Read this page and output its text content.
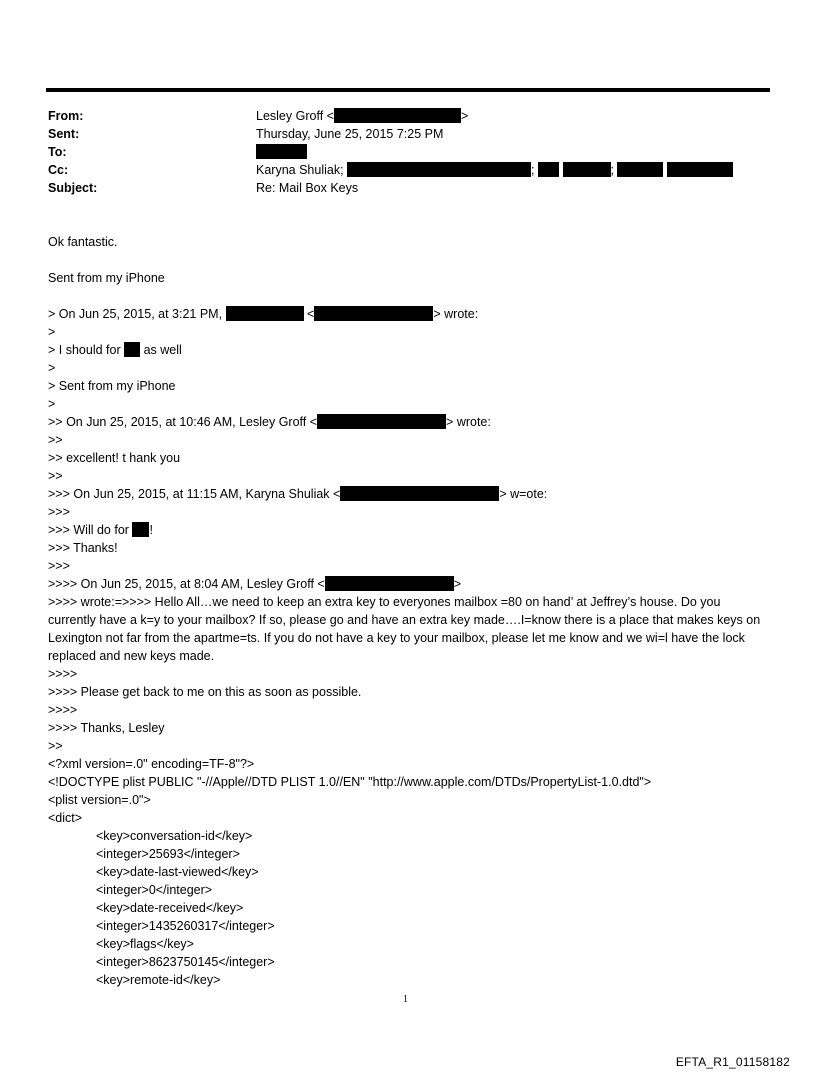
From:	Lesley Groff <	>
Sent:	Thursday, June 25, 2015 7:25 PM
To:
Cc:	Karyna Shuliak;	;	;
Subject:	Re: Mail Box Keys
Ok fantastic.
Sent from my iPhone
> On Jun 25, 2015, at 3:21 PM,	<	> wrote:
>
> I should for as well
>
> Sent from my iPhone
>
>> On Jun 25, 2015, at 10:46 AM, Lesley Groff <	> wrote:
>>
>> excellent! t hank you
>>
>>> On Jun 25, 2015, at 11:15 AM, Karyna Shuliak <	> w=ote:
>>>
>>> Will do for !
>>> Thanks!
>>>
>>>> On Jun 25, 2015, at 8:04 AM, Lesley Groff <	>
>>>> wrote:=>>>> Hello All…we need to keep an extra key to everyones mailbox =80 on hand’ at Jeffrey’s house. Do you currently have a k=y to your mailbox? If so, please go and have an extra key made….I=know there is a place that makes keys on Lexington not far from the apartme=ts. If you do not have a key to your mailbox, please let me know and we wi=l have the lock replaced and new keys made.
>>>>
>>>> Please get back to me on this as soon as possible.
>>>>
>>>> Thanks, Lesley
>>
<?xml version=.0" encoding=TF-8"?>
<!DOCTYPE plist PUBLIC "-//Apple//DTD PLIST 1.0//EN" "http://www.apple.com/DTDs/PropertyList-1.0.dtd">
<plist version=.0">
<dict>
<key>conversation-id</key>
<integer>25693</integer>
<key>date-last-viewed</key>
<integer>0</integer>
<key>date-received</key>
<integer>1435260317</integer>
<key>flags</key>
<integer>8623750145</integer>
<key>remote-id</key>
1
EFTA_R1_01158182
